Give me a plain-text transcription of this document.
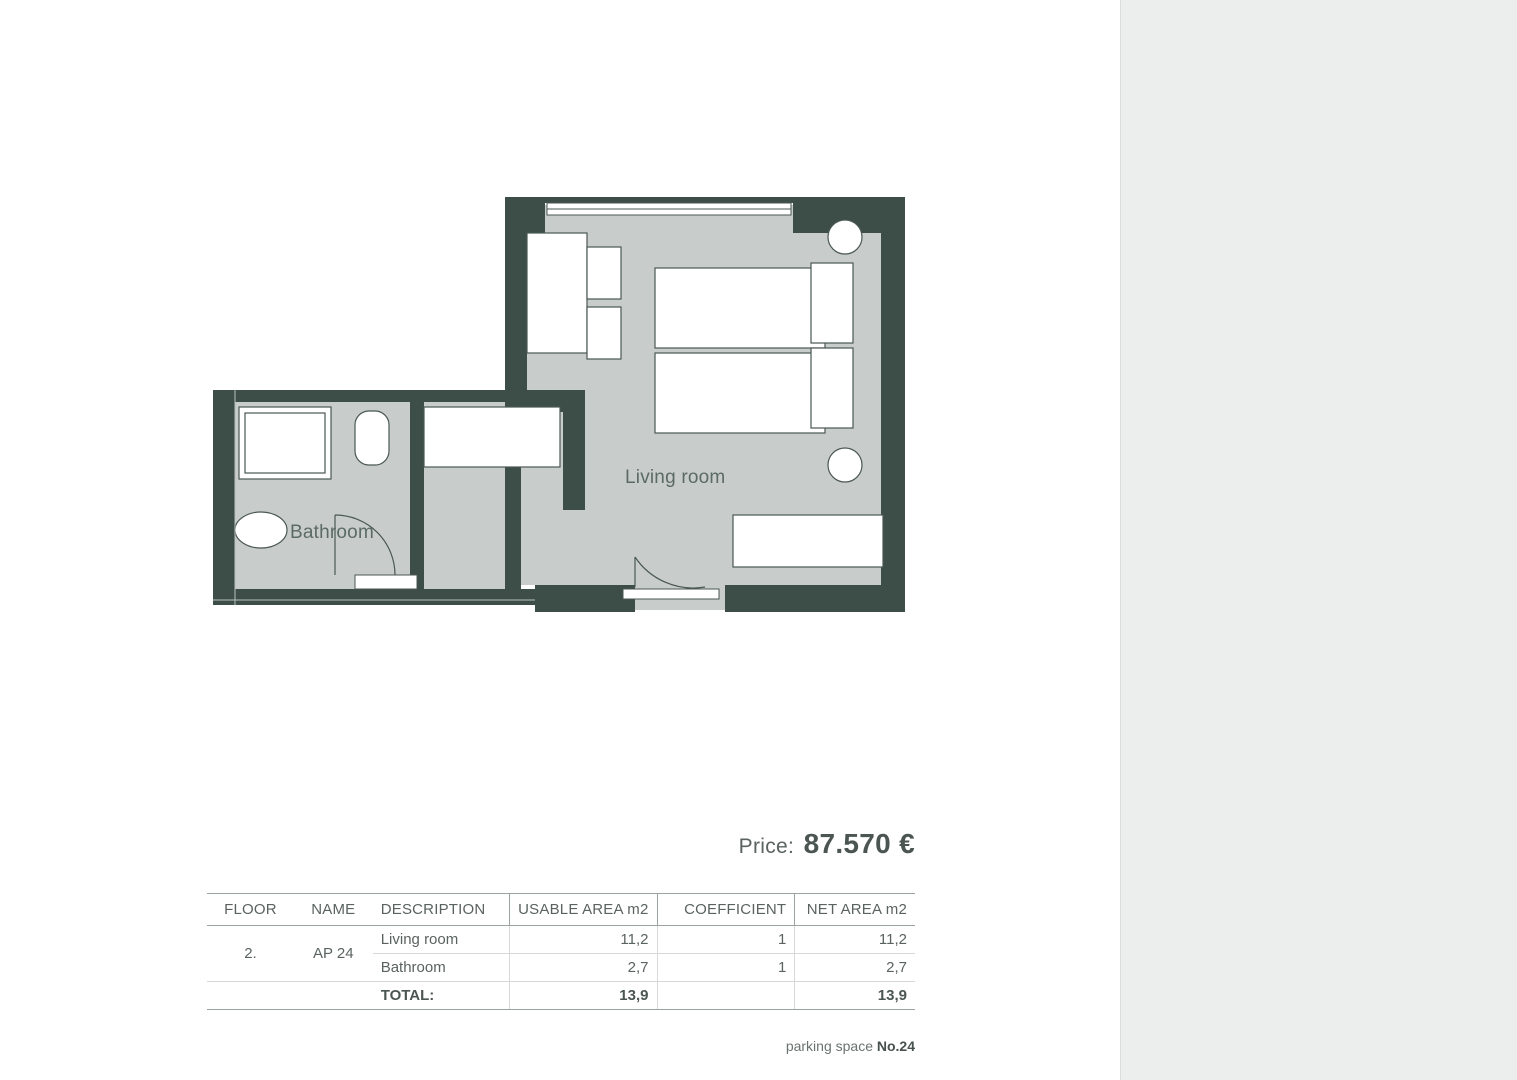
Living room
Bathroom
Price: 87.570 €
FLOOR	NAME	DESCRIPTION	USABLE AREA m2	COEFFICIENT	NET AREA m2
2.	AP 24	Living room	11,2	1	11,2
		Bathroom	2,7	1	2,7
		TOTAL:	13,9		13,9
parking space No.24
